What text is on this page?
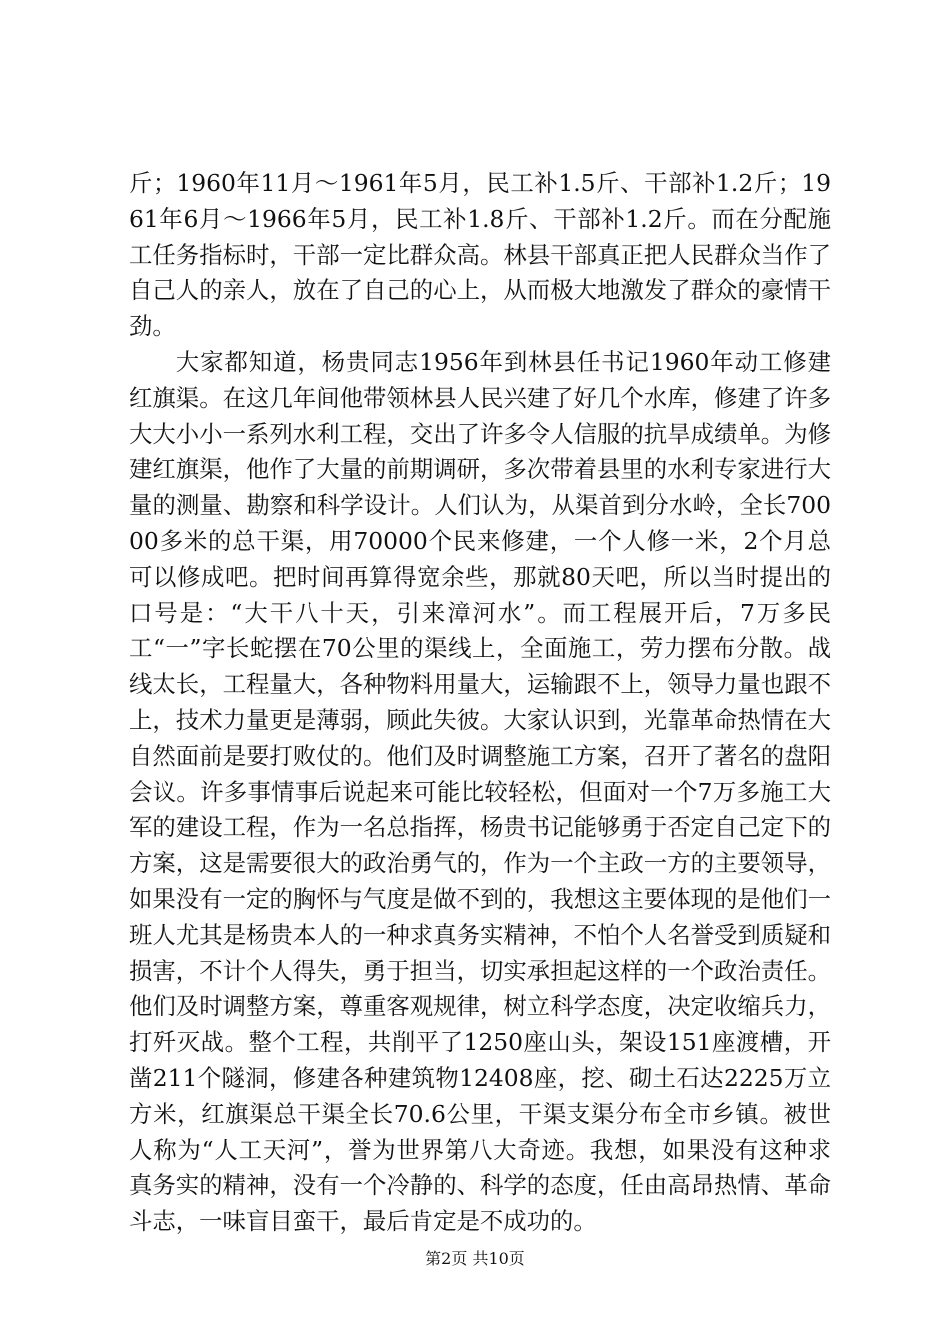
斤；1960年11月～1961年5月，民工补1.5斤、干部补1.2斤；1961年6月～1966年5月，民工补1.8斤、干部补1.2斤。而在分配施工任务指标时，干部一定比群众高。林县干部真正把人民群众当作了自己人的亲人，放在了自己的心上，从而极大地激发了群众的豪情干劲。

大家都知道，杨贵同志1956年到林县任书记1960年动工修建红旗渠。在这几年间他带领林县人民兴建了好几个水库，修建了许多大大小小一系列水利工程，交出了许多令人信服的抗旱成绩单。为修建红旗渠，他作了大量的前期调研，多次带着县里的水利专家进行大量的测量、勘察和科学设计。人们认为，从渠首到分水岭，全长70000多米的总干渠，用70000个民来修建，一个人修一米，2个月总可以修成吧。把时间再算得宽余些，那就80天吧，所以当时提出的口号是：“大干八十天，引来漳河水”。而工程展开后，7万多民工“一”字长蛇摆在70公里的渠线上，全面施工，劳力摆布分散。战线太长，工程量大，各种物料用量大，运输跟不上，领导力量也跟不上，技术力量更是薄弱，顾此失彼。大家认识到，光靠革命热情在大自然面前是要打败仗的。他们及时调整施工方案，召开了著名的盘阳会议。许多事情事后说起来可能比较轻松，但面对一个7万多施工大军的建设工程，作为一名总指挥，杨贵书记能够勇于否定自己定下的方案，这是需要很大的政治勇气的，作为一个主政一方的主要领导，如果没有一定的胸怀与气度是做不到的，我想这主要体现的是他们一班人尤其是杨贵本人的一种求真务实精神，不怕个人名誉受到质疑和损害，不计个人得失，勇于担当，切实承担起这样的一个政治责任。他们及时调整方案，尊重客观规律，树立科学态度，决定收缩兵力，打歼灭战。整个工程，共削平了1250座山头，架设151座渡槽，开凿211个隧洞，修建各种建筑物12408座，挖、砌土石达2225万立方米，红旗渠总干渠全长70.6公里，干渠支渠分布全市乡镇。被世人称为“人工天河”，誉为世界第八大奇迹。我想，如果没有这种求真务实的精神，没有一个冷静的、科学的态度，任由高昂热情、革命斗志，一味盲目蛮干，最后肯定是不成功的。

第2页 共10页
